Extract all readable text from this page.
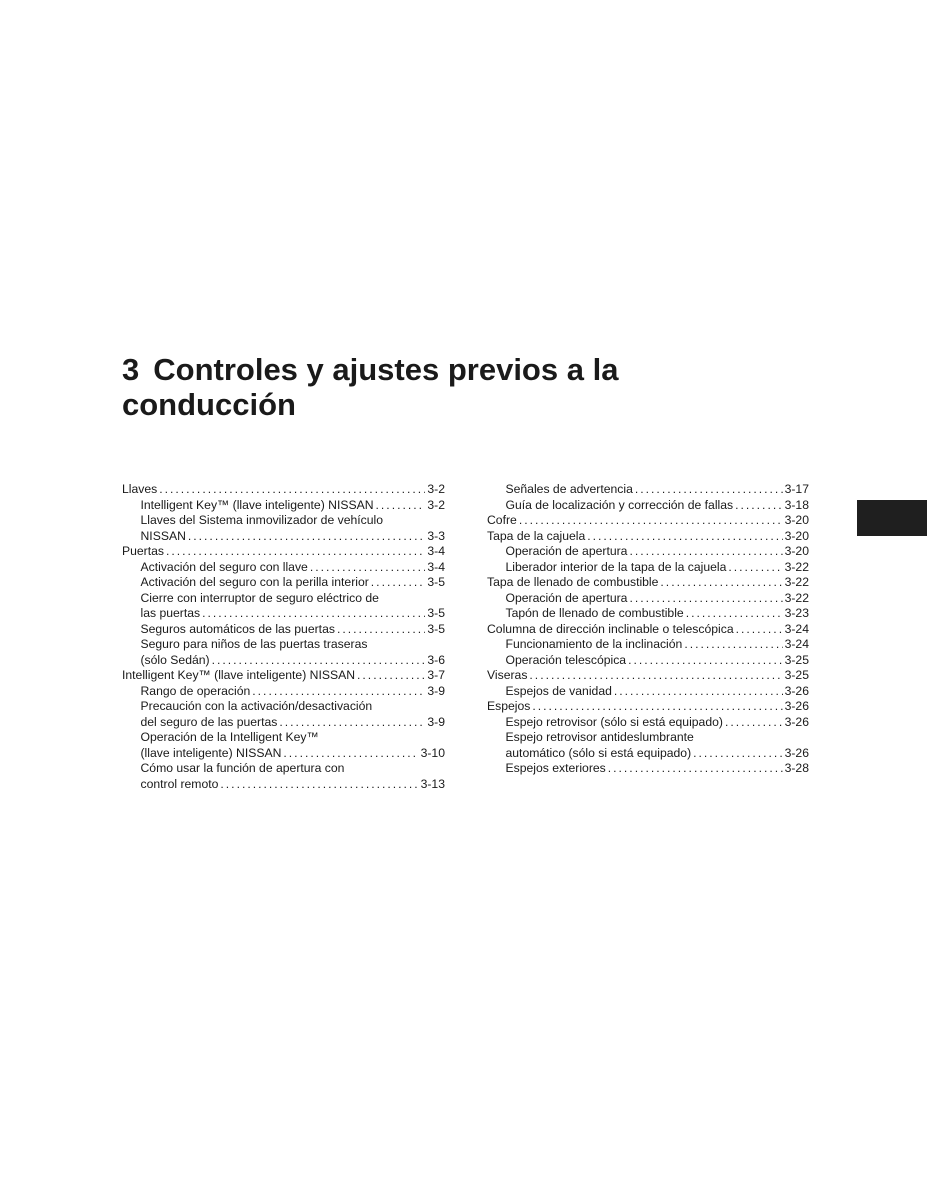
3 Controles y ajustes previos a la
conducción
Llaves .....	3-2
Intelligent Key™ (llave inteligente) NISSAN .....	3-2
Llaves del Sistema inmovilizador de vehículo
NISSAN .....	3-3
Puertas .....	3-4
Activación del seguro con llave .....	3-4
Activación del seguro con la perilla interior .....	3-5
Cierre con interruptor de seguro eléctrico de
las puertas .....	3-5
Seguros automáticos de las puertas .....	3-5
Seguro para niños de las puertas traseras
(sólo Sedán) .....	3-6
Intelligent Key™ (llave inteligente) NISSAN .....	3-7
Rango de operación .....	3-9
Precaución con la activación/desactivación
del seguro de las puertas .....	3-9
Operación de la Intelligent Key™
(llave inteligente) NISSAN .....	3-10
Cómo usar la función de apertura con
control remoto .....	3-13
Señales de advertencia .....	3-17
Guía de localización y corrección de fallas .....	3-18
Cofre .....	3-20
Tapa de la cajuela .....	3-20
Operación de apertura .....	3-20
Liberador interior de la tapa de la cajuela .....	3-22
Tapa de llenado de combustible .....	3-22
Operación de apertura .....	3-22
Tapón de llenado de combustible .....	3-23
Columna de dirección inclinable o telescópica .....	3-24
Funcionamiento de la inclinación .....	3-24
Operación telescópica .....	3-25
Viseras .....	3-25
Espejos de vanidad .....	3-26
Espejos .....	3-26
Espejo retrovisor (sólo si está equipado) .....	3-26
Espejo retrovisor antideslumbrante
automático (sólo si está equipado) .....	3-26
Espejos exteriores .....	3-28
